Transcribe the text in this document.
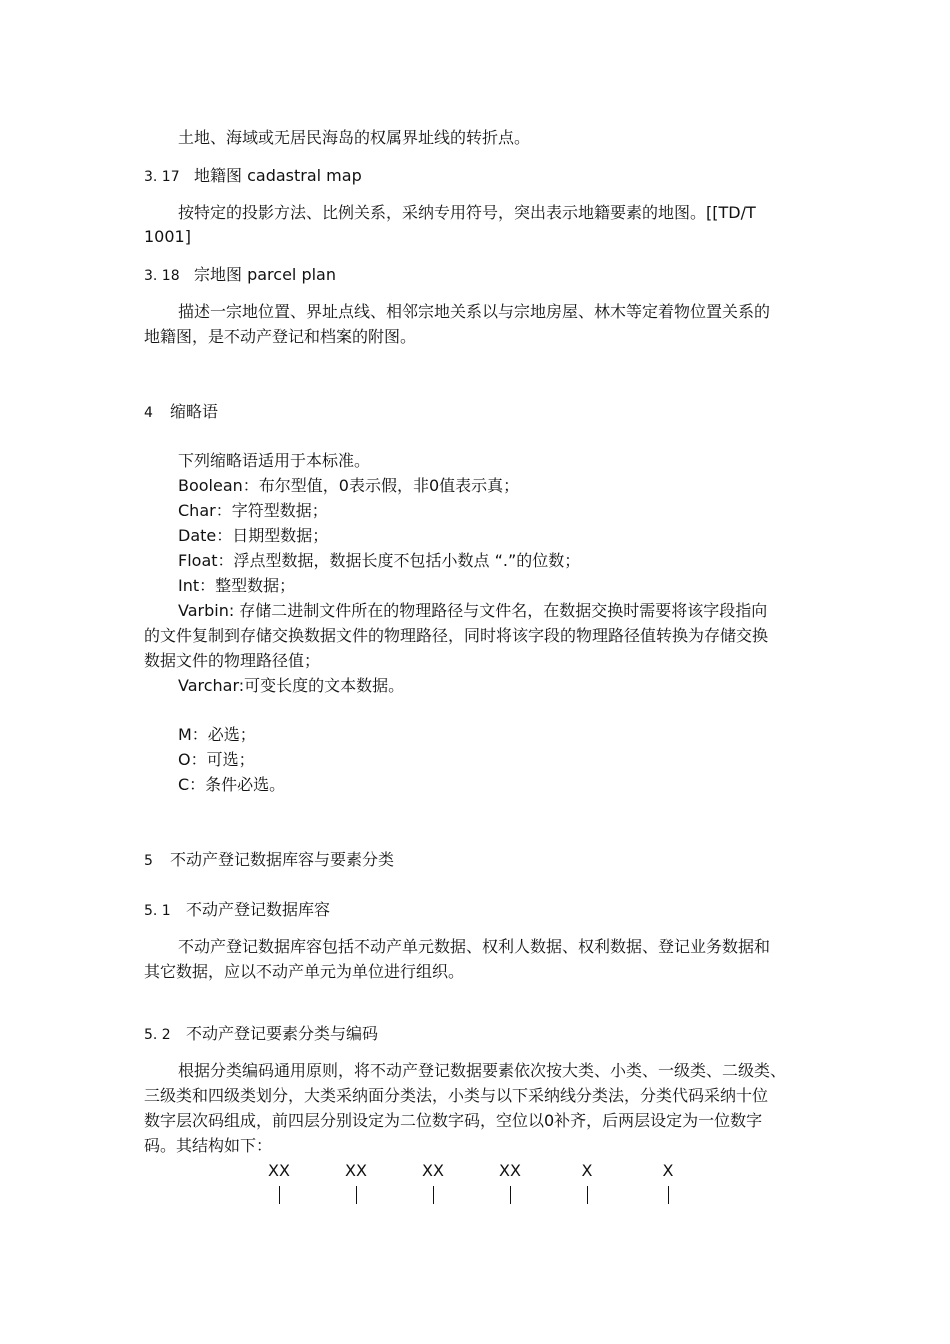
土地、海域或无居民海岛的权属界址线的转折点。
3. 17 地籍图 cadastral map
按特定的投影方法、比例关系，采纳专用符号，突出表示地籍要素的地图。[[TD/T
1001]
3. 18 宗地图 parcel plan
描述一宗地位置、界址点线、相邻宗地关系以与宗地房屋、林木等定着物位置关系的
地籍图，是不动产登记和档案的附图。
4 缩略语
下列缩略语适用于本标准。
Boolean：布尔型值，0表示假，非0值表示真；
Char：字符型数据；
Date：日期型数据；
Float：浮点型数据，数据长度不包括小数点 “.”的位数；
Int：整型数据；
Varbin: 存储二进制文件所在的物理路径与文件名，在数据交换时需要将该字段指向
的文件复制到存储交换数据文件的物理路径，同时将该字段的物理路径值转换为存储交换
数据文件的物理路径值；
Varchar:可变长度的文本数据。
M：必选；
O：可选；
C：条件必选。
5 不动产登记数据库容与要素分类
5. 1 不动产登记数据库容
不动产登记数据库容包括不动产单元数据、权利人数据、权利数据、登记业务数据和
其它数据，应以不动产单元为单位进行组织。
5. 2 不动产登记要素分类与编码
根据分类编码通用原则，将不动产登记数据要素依次按大类、小类、一级类、二级类、
三级类和四级类划分，大类采纳面分类法，小类与以下采纳线分类法，分类代码采纳十位
数字层次码组成，前四层分别设定为二位数字码，空位以0补齐，后两层设定为一位数字
码。其结构如下：
XX	XX	XX	XX	X	X
